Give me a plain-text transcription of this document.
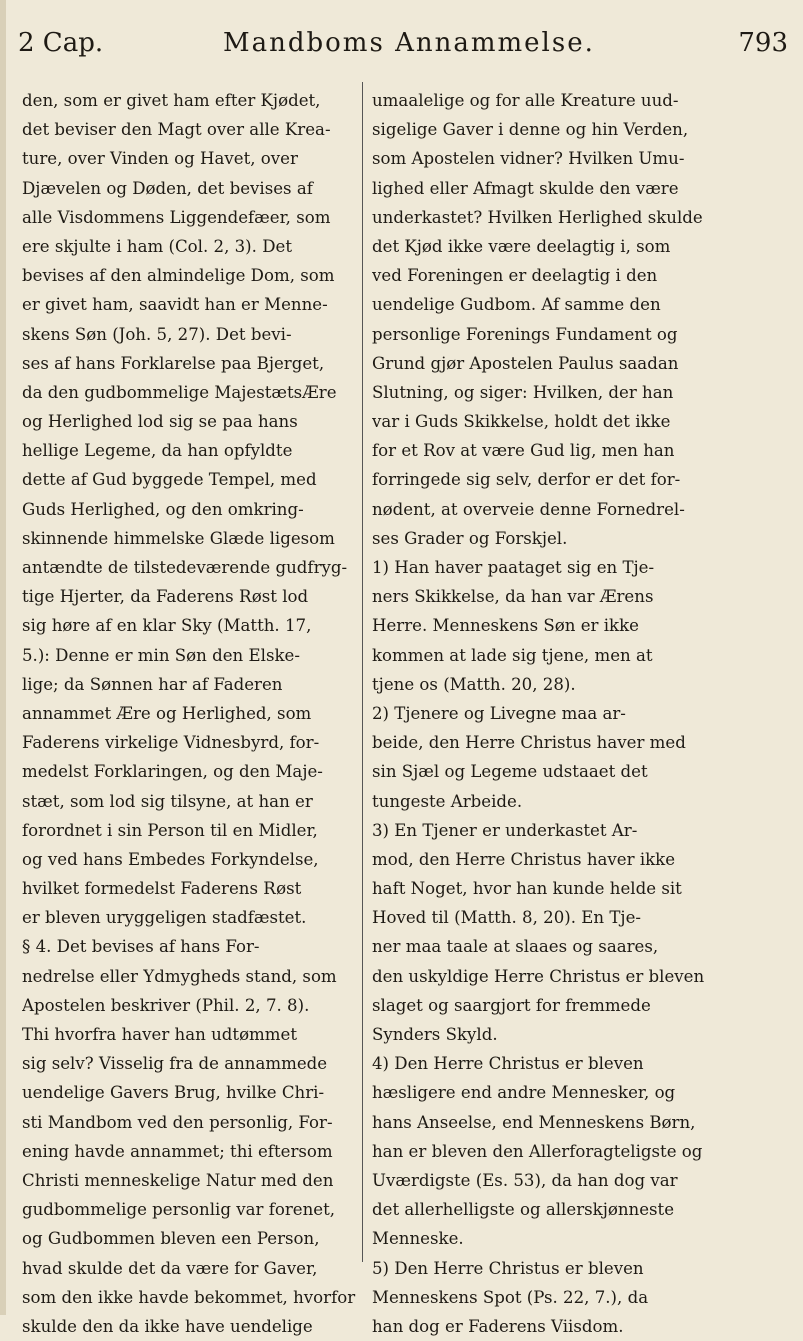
2 Cap.	Mandboms Annammelse.	793
den, som er givet ham efter Kjødet,
det beviser den Magt over alle Krea-
ture, over Vinden og Havet, over
Djævelen og Døden, det bevises af
alle Visdommens Liggendefæer, som
ere skjulte i ham (Col. 2, 3). Det
bevises af den almindelige Dom, som
er givet ham, saavidt han er Menne-
skens Søn (Joh. 5, 27). Det bevi-
ses af hans Forklarelse paa Bjerget,
da den gudbommelige MajestætsÆre
og Herlighed lod sig se paa hans
hellige Legeme, da han opfyldte
dette af Gud byggede Tempel, med
Guds Herlighed, og den omkring-
skinnende himmelske Glæde ligesom
antændte de tilstedeværende gudfryg-
tige Hjerter, da Faderens Røst lod
sig høre af en klar Sky (Matth. 17,
5.): Denne er min Søn den Elske-
lige; da Sønnen har af Faderen
annammet Ære og Herlighed, som
Faderens virkelige Vidnesbyrd, for-
medelst Forklaringen, og den Maje-
stæt, som lod sig tilsyne, at han er
forordnet i sin Person til en Midler,
og ved hans Embedes Forkyndelse,
hvilket formedelst Faderens Røst
er bleven uryggeligen stadfæstet.
§ 4. Det bevises af hans For-
nedrelse eller Ydmygheds stand, som
Apostelen beskriver (Phil. 2, 7. 8).
Thi hvorfra haver han udtømmet
sig selv? Visselig fra de annammede
uendelige Gavers Brug, hvilke Chri-
sti Mandbom ved den personlig, For-
ening havde annammet; thi eftersom
Christi menneskelige Natur med den
gudbommelige personlig var forenet,
og Gudbommen bleven een Person,
hvad skulde det da være for Gaver,
som den ikke havde bekommet, hvorfor
skulde den da ikke have uendelige
umaalelige og for alle Kreature uud-
sigelige Gaver i denne og hin Verden,
som Apostelen vidner? Hvilken Umu-
lighed eller Afmagt skulde den være
underkastet? Hvilken Herlighed skulde
det Kjød ikke være deelagtig i, som
ved Foreningen er deelagtig i den
uendelige Gudbom. Af samme den
personlige Forenings Fundament og
Grund gjør Apostelen Paulus saadan
Slutning, og siger: Hvilken, der han
var i Guds Skikkelse, holdt det ikke
for et Rov at være Gud lig, men han
forringede sig selv, derfor er det for-
nødent, at overveie denne Fornedrel-
ses Grader og Forskjel.
1) Han haver paataget sig en Tje-
ners Skikkelse, da han var Ærens
Herre. Menneskens Søn er ikke
kommen at lade sig tjene, men at
tjene os (Matth. 20, 28).
2) Tjenere og Livegne maa ar-
beide, den Herre Christus haver med
sin Sjæl og Legeme udstaaet det
tungeste Arbeide.
3) En Tjener er underkastet Ar-
mod, den Herre Christus haver ikke
haft Noget, hvor han kunde helde sit
Hoved til (Matth. 8, 20). En Tje-
ner maa taale at slaaes og saares,
den uskyldige Herre Christus er bleven
slaget og saargjort for fremmede
Synders Skyld.
4) Den Herre Christus er bleven
hæsligere end andre Mennesker, og
hans Anseelse, end Menneskens Børn,
han er bleven den Allerforagteligste og
Uværdigste (Es. 53), da han dog var
det allerhelligste og allerskjønneste
Menneske.
5) Den Herre Christus er bleven
Menneskens Spot (Ps. 22, 7.), da
han dog er Faderens Viisdom.
